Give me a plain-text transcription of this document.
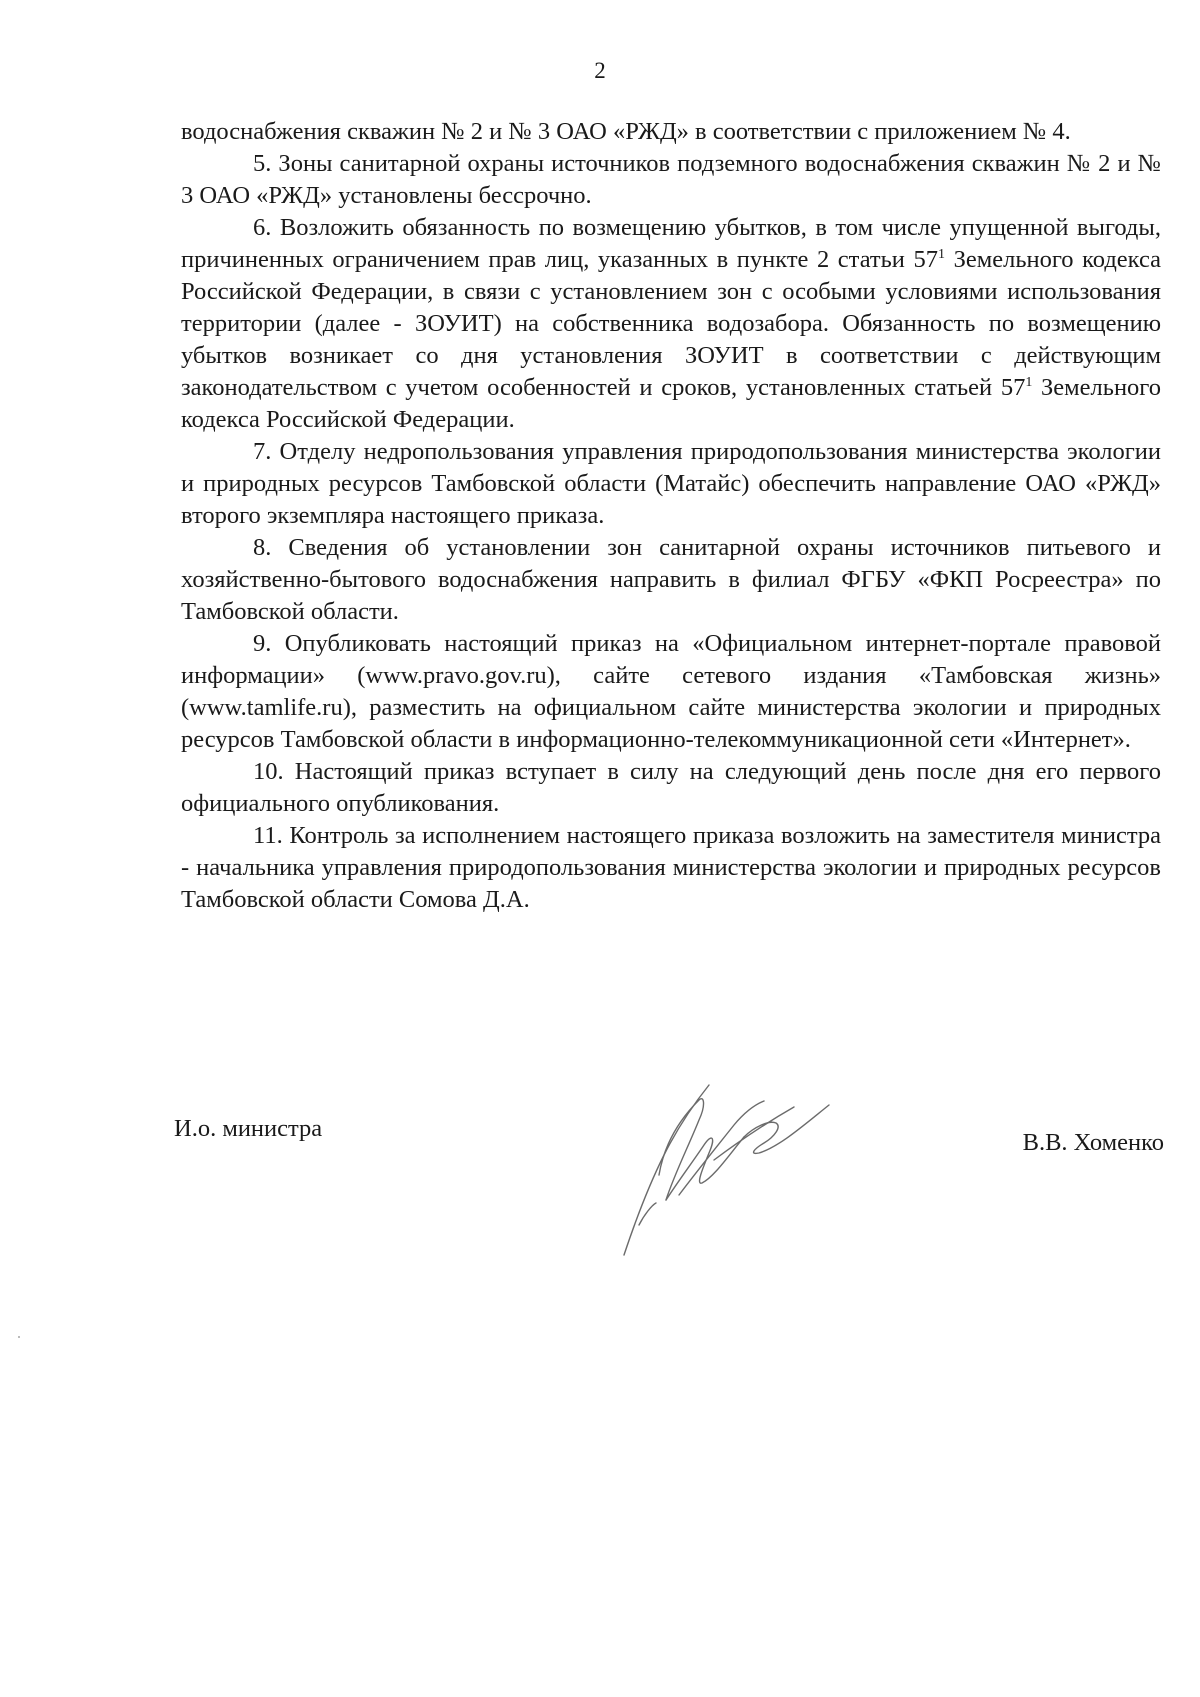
2

водоснабжения скважин № 2 и № 3 ОАО «РЖД» в соответствии с приложением № 4.

5. Зоны санитарной охраны источников подземного водоснабжения скважин № 2 и № 3 ОАО «РЖД» установлены бессрочно.

6. Возложить обязанность по возмещению убытков, в том числе упущенной выгоды, причиненных ограничением прав лиц, указанных в пункте 2 статьи $57^1$ Земельного кодекса Российской Федерации, в связи с установлением зон с особыми условиями использования территории (далее - ЗОУИТ) на собственника водозабора. Обязанность по возмещению убытков возникает со дня установления ЗОУИТ в соответствии с действующим законодательством с учетом особенностей и сроков, установленных статьей $57^1$ Земельного кодекса Российской Федерации.

7. Отделу недропользования управления природопользования министерства экологии и природных ресурсов Тамбовской области (Матайс) обеспечить направление ОАО «РЖД» второго экземпляра настоящего приказа.

8. Сведения об установлении зон санитарной охраны источников питьевого и хозяйственно-бытового водоснабжения направить в филиал ФГБУ «ФКП Росреестра» по Тамбовской области.

9. Опубликовать настоящий приказ на «Официальном интернет-портале правовой информации» (www.pravo.gov.ru), сайте сетевого издания «Тамбовская жизнь» (www.tamlife.ru), разместить на официальном сайте министерства экологии и природных ресурсов Тамбовской области в информационно-телекоммуникационной сети «Интернет».

10. Настоящий приказ вступает в силу на следующий день после дня его первого официального опубликования.

11. Контроль за исполнением настоящего приказа возложить на заместителя министра - начальника управления природопользования министерства экологии и природных ресурсов Тамбовской области Сомова Д.А.

И.о. министра
В.В. Хоменко
